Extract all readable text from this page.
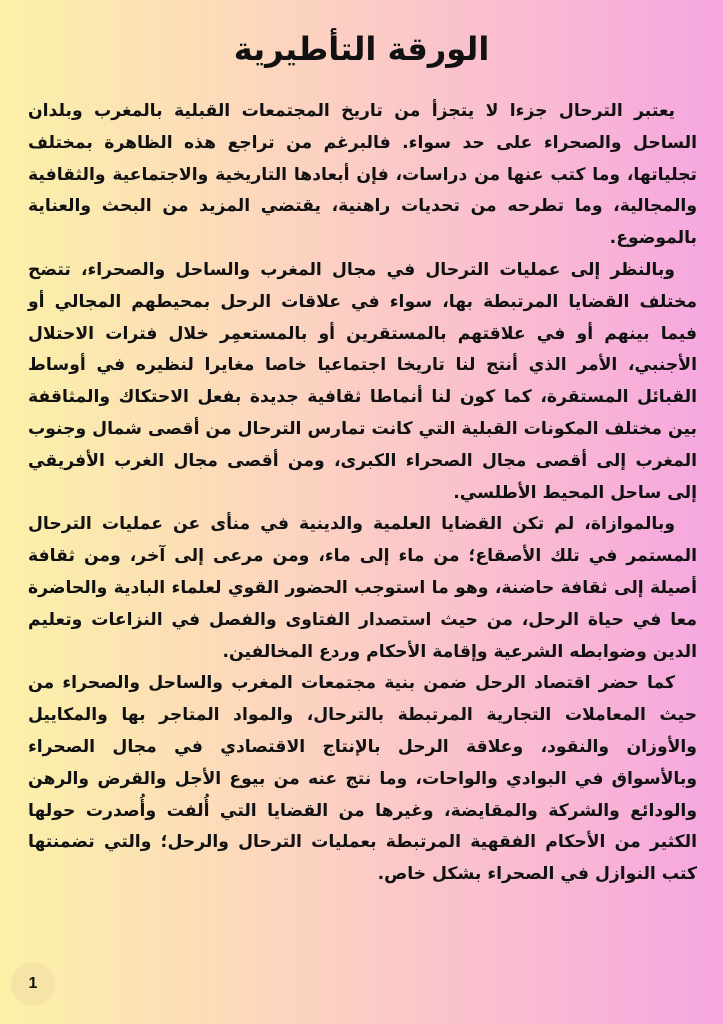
الورقة التأطيرية

يعتبر الترحال جزءا لا يتجزأ من تاريخ المجتمعات القبلية بالمغرب وبلدان الساحل والصحراء على حد سواء. فالبرغم من تراجع هذه الظاهرة بمختلف تجلياتها، وما كتب عنها من دراسات، فإن أبعادها التاريخية والاجتماعية والثقافية والمجالية، وما تطرحه من تحديات راهنية، يقتضي المزيد من البحث والعناية بالموضوع.

وبالنظر إلى عمليات الترحال في مجال المغرب والساحل والصحراء، تتضح مختلف القضايا المرتبطة بها، سواء في علاقات الرحل بمحيطهم المجالي أو فيما بينهم أو في علاقتهم بالمستقرين أو بالمستعمِر خلال فترات الاحتلال الأجنبي، الأمر الذي أنتج لنا تاريخا اجتماعيا خاصا مغايرا لنظيره في أوساط القبائل المستقرة، كما كون لنا أنماطا ثقافية جديدة بفعل الاحتكاك والمثاقفة بين مختلف المكونات القبلية التي كانت تمارس الترحال من أقصى شمال وجنوب المغرب إلى أقصى مجال الصحراء الكبرى، ومن أقصى مجال الغرب الأفريقي إلى ساحل المحيط الأطلسي.

وبالموازاة، لم تكن القضايا العلمية والدينية في منأى عن عمليات الترحال المستمر في تلك الأصقاع؛ من ماء إلى ماء، ومن مرعى إلى آخر، ومن ثقافة أصيلة إلى ثقافة حاضنة، وهو ما استوجب الحضور القوي لعلماء البادية والحاضرة معا في حياة الرحل، من حيث استصدار الفتاوى والفصل في النزاعات وتعليم الدين وضوابطه الشرعية وإقامة الأحكام وردع المخالفين.

كما حضر اقتصاد الرحل ضمن بنية مجتمعات المغرب والساحل والصحراء من حيث المعاملات التجارية المرتبطة بالترحال، والمواد المتاجر بها والمكاييل والأوزان والنقود، وعلاقة الرحل بالإنتاج الاقتصادي في مجال الصحراء وبالأسواق في البوادي والواحات، وما نتج عنه من بيوع الأجل والقرض والرهن والودائع والشركة والمقايضة، وغيرها من القضايا التي أُلفت وأُصدرت حولها الكثير من الأحكام الفقهية المرتبطة بعمليات الترحال والرحل؛ والتي تضمنتها كتب النوازل في الصحراء بشكل خاص.

1
